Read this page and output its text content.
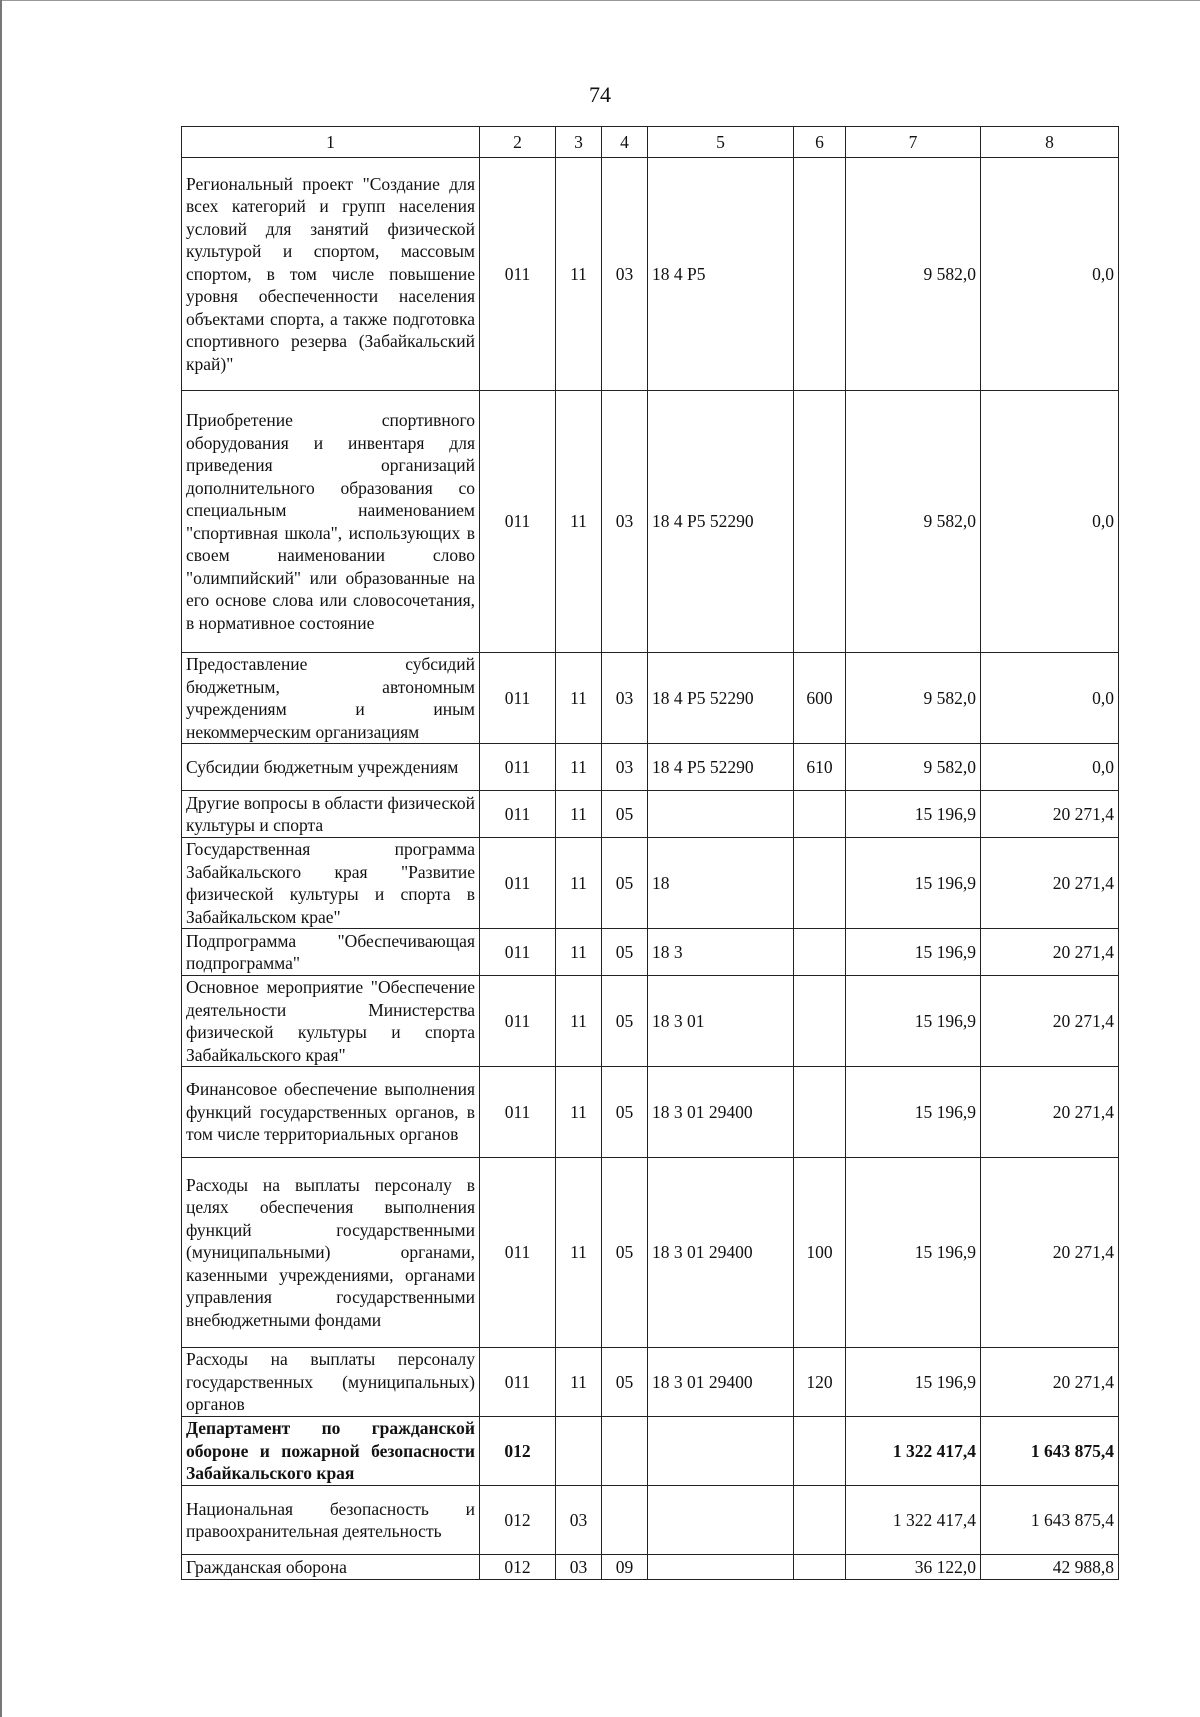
74
1	2	3	4	5	6	7	8
Региональный проект "Создание для всех категорий и групп населения условий для занятий физической культурой и спортом, массовым спортом, в том числе повышение уровня обеспеченности населения объектами спорта, а также подготовка спортивного резерва (Забайкальский край)"	011	11	03	18 4 P5		9 582,0	0,0
Приобретение спортивного оборудования и инвентаря для приведения организаций дополнительного образования со специальным наименованием "спортивная школа", использующих в своем наименовании слово "олимпийский" или образованные на его основе слова или словосочетания, в нормативное состояние	011	11	03	18 4 P5 52290		9 582,0	0,0
Предоставление субсидий бюджетным, автономным учреждениям и иным некоммерческим организациям	011	11	03	18 4 P5 52290	600	9 582,0	0,0
Субсидии бюджетным учреждениям	011	11	03	18 4 P5 52290	610	9 582,0	0,0
Другие вопросы в области физической культуры и спорта	011	11	05			15 196,9	20 271,4
Государственная программа Забайкальского края "Развитие физической культуры и спорта в Забайкальском крае"	011	11	05	18		15 196,9	20 271,4
Подпрограмма "Обеспечивающая подпрограмма"	011	11	05	18 3		15 196,9	20 271,4
Основное мероприятие "Обеспечение деятельности Министерства физической культуры и спорта Забайкальского края"	011	11	05	18 3 01		15 196,9	20 271,4
Финансовое обеспечение выполнения функций государственных органов, в том числе территориальных органов	011	11	05	18 3 01 29400		15 196,9	20 271,4
Расходы на выплаты персоналу в целях обеспечения выполнения функций государственными (муниципальными) органами, казенными учреждениями, органами управления государственными внебюджетными фондами	011	11	05	18 3 01 29400	100	15 196,9	20 271,4
Расходы на выплаты персоналу государственных (муниципальных) органов	011	11	05	18 3 01 29400	120	15 196,9	20 271,4
Департамент по гражданской обороне и пожарной безопасности Забайкальского края	012					1 322 417,4	1 643 875,4
Национальная безопасность и правоохранительная деятельность	012	03				1 322 417,4	1 643 875,4
Гражданская оборона	012	03	09			36 122,0	42 988,8
